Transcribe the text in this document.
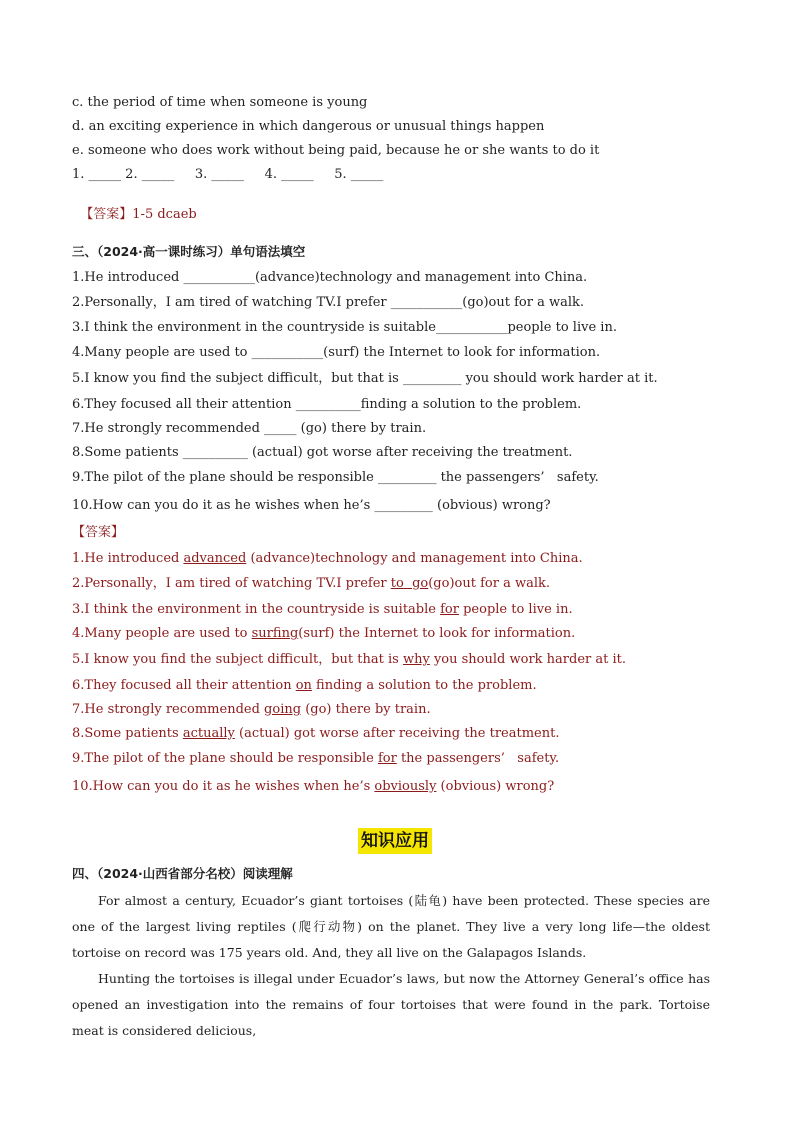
c. the period of time when someone is young
d. an exciting experience in which dangerous or unusual things happen
e. someone who does work without being paid, because he or she wants to do it
1. _____ 2. _____     3. _____     4. _____     5. _____

【答案】1-5 dcaeb

三、（2024·高一课时练习）单句语法填空
1.He introduced ___________(advance)technology and management into China.
2.Personally，I am tired of watching TV.I prefer ___________(go)out for a walk.
3.I think the environment in the countryside is suitable___________people to live in.
4.Many people are used to ___________(surf) the Internet to look for information.
5.I know you find the subject difficult，but that is _________ you should work harder at it.
6.They focused all their attention __________finding a solution to the problem.
7.He strongly recommended _____ (go) there by train.
8.Some patients __________ (actual) got worse after receiving the treatment.
9.The pilot of the plane should be responsible _________ the passengers’   safety.
10.How can you do it as he wishes when he’s _________ (obvious) wrong?
【答案】
1.He introduced advanced (advance)technology and management into China.
2.Personally，I am tired of watching TV.I prefer to  go(go)out for a walk.
3.I think the environment in the countryside is suitable for people to live in.
4.Many people are used to surfing(surf) the Internet to look for information.
5.I know you find the subject difficult，but that is why you should work harder at it.
6.They focused all their attention on finding a solution to the problem.
7.He strongly recommended going (go) there by train.
8.Some patients actually (actual) got worse after receiving the treatment.
9.The pilot of the plane should be responsible for the passengers’   safety.
10.How can you do it as he wishes when he’s obviously (obvious) wrong?
知识应用
四、（2024·山西省部分名校）阅读理解

For almost a century, Ecuador’s giant tortoises (陆龟) have been protected. These species are one of the largest living reptiles (爬行动物) on the planet. They live a very long life—the oldest tortoise on record was 175 years old. And, they all live on the Galapagos Islands.

Hunting the tortoises is illegal under Ecuador’s laws, but now the Attorney General’s office has opened an investigation into the remains of four tortoises that were found in the park. Tortoise meat is considered delicious,
